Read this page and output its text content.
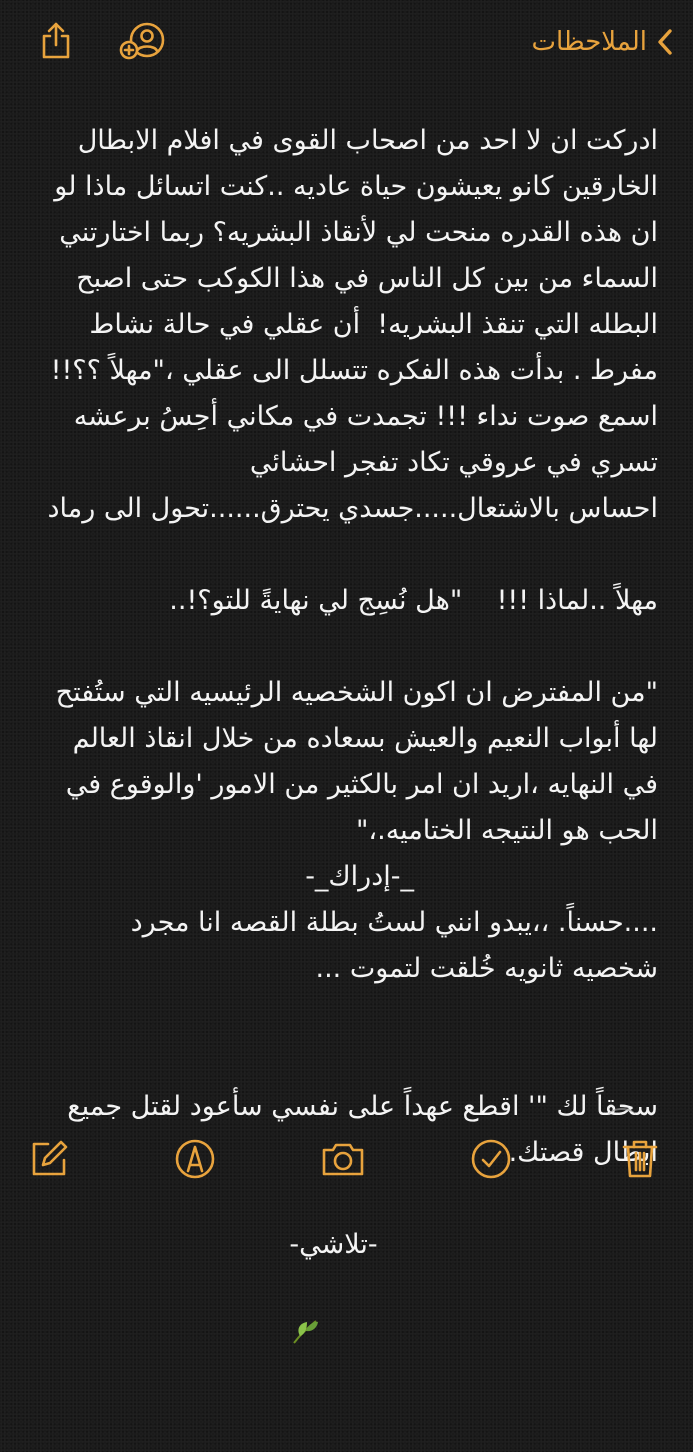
الملاحظات
ادركت ان لا احد من اصحاب القوى في افلام الابطال
الخارقين كانو يعيشون حياة عاديه ..كنت اتسائل ماذا لو
ان هذه القدره منحت لي لأنقاذ البشريه؟ ربما اختارتني
السماء من بين كل الناس في هذا الكوكب حتى اصبح
البطله التي تنقذ البشريه!  أن عقلي في حالة نشاط
مفرط . بدأت هذه الفكره تتسلل الى عقلي ،"مهلاً ؟؟!!
اسمع صوت نداء !!! تجمدت في مكاني أحِسُ برعشه
تسري في عروقي تكاد تفجر احشائي
احساس بالاشتعال.....جسدي يحترق......تحول الى رماد
مهلاً ..لماذا !!!    "هل نُسِج لي نهايةً للتو؟!..
"من المفترض ان اكون الشخصيه الرئيسيه التي ستُفتح
لها أبواب النعيم والعيش بسعاده من خلال انقاذ العالم
في النهايه ،اريد ان امر بالكثير من الامور 'والوقوع في
الحب هو النتيجه الختاميه.،"
_-إدراك_-
....حسناً. ،،يبدو انني لستُ بطلة القصه انا مجرد
شخصيه ثانويه خُلقت لتموت ...
سحقاً لك "' اقطع عهداً على نفسي سأعود لقتل جميع
ابطال قصتك.

-تلاشي-
